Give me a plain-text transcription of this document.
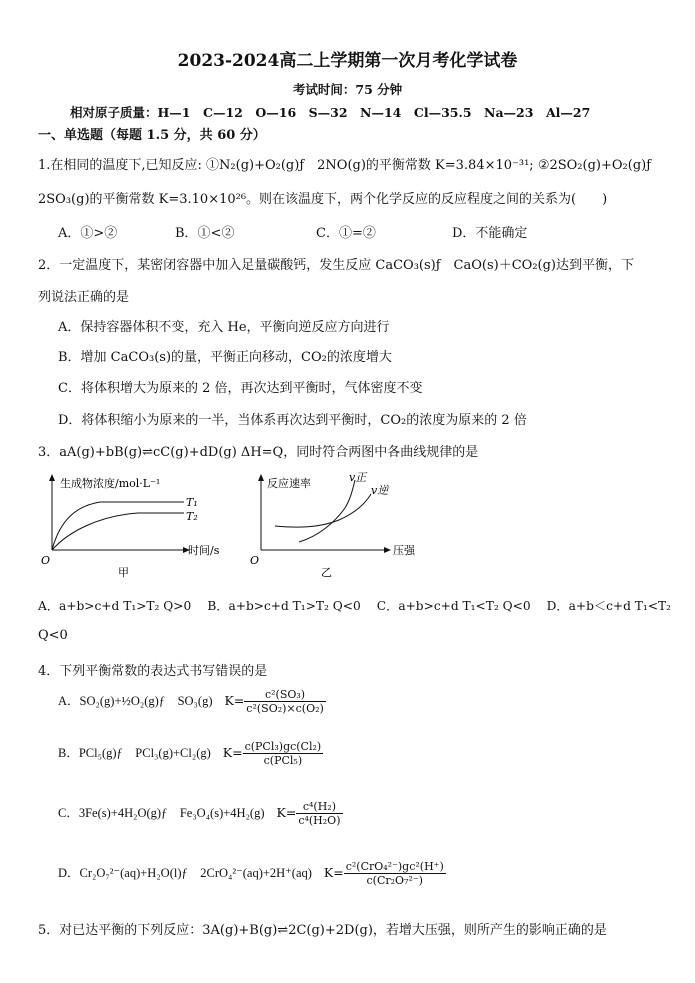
2023-2024高二上学期第一次月考化学试卷
考试时间：75 分钟
相对原子质量：H—1　C—12　O—16　S—32　N—14　Cl—35.5　Na—23　Al—27
一、单选题（每题 1.5 分，共 60 分）
1.在相同的温度下,已知反应: ①N₂(g)+O₂(g)ƒ　2NO(g)的平衡常数 K=3.84×10⁻³¹; ②2SO₂(g)+O₂(g)ƒ
2SO₃(g)的平衡常数 K=3.10×10²⁶。则在该温度下，两个化学反应的反应程度之间的关系为(　　)
A．①>②	B．①<②	C．①=②	D．不能确定
2．一定温度下，某密闭容器中加入足量碳酸钙，发生反应 CaCO₃(s)ƒ　CaO(s)＋CO₂(g)达到平衡，下
列说法正确的是
A．保持容器体积不变，充入 He，平衡向逆反应方向进行
B．增加 CaCO₃(s)的量，平衡正向移动，CO₂的浓度增大
C．将体积增大为原来的 2 倍，再次达到平衡时，气体密度不变
D．将体积缩小为原来的一半，当体系再次达到平衡时，CO₂的浓度为原来的 2 倍
3．aA(g)+bB(g)⇌cC(g)+dD(g) ΔH=Q，同时符合两图中各曲线规律的是
生成物浓度/mol·L⁻¹
T₁
T₂
时间/s
O
甲
反应速率	v正
v逆
压强
O
乙
A．a+b>c+d T₁>T₂ Q>0　 B．a+b>c+d T₁>T₂ Q<0　 C．a+b>c+d T₁<T₂ Q<0　 D．a+b＜c+d T₁<T₂
Q<0
4．下列平衡常数的表达式书写错误的是
A．SO₂(g)+½O₂(g)ƒ　SO₃(g) $K= \frac{\text{c²(SO₃)}}{\text{c²(SO₂)×c(O₂)}}$
B．PCl₅(g)ƒ　PCl₃(g)+Cl₂(g) $K= \frac{\text{c(PCl₃)gc(Cl₂)}}{\text{c(PCl₅)}}$
C．3Fe(s)+4H₂O(g)ƒ　Fe₃O₄(s)+4H₂(g) $K= \frac{\text{c⁴(H₂)}}{\text{c⁴(H₂O)}}$
D．Cr₂O₇²⁻(aq)+H₂O(l)ƒ　2CrO₄²⁻(aq)+2H⁺(aq) $K= \frac{\text{c²(CrO₄²⁻)gc²(H⁺)}}{\text{c(Cr₂O₇²⁻)}}$
5．对已达平衡的下列反应：3A(g)+B(g)⇌2C(g)+2D(g)，若增大压强，则所产生的影响正确的是
